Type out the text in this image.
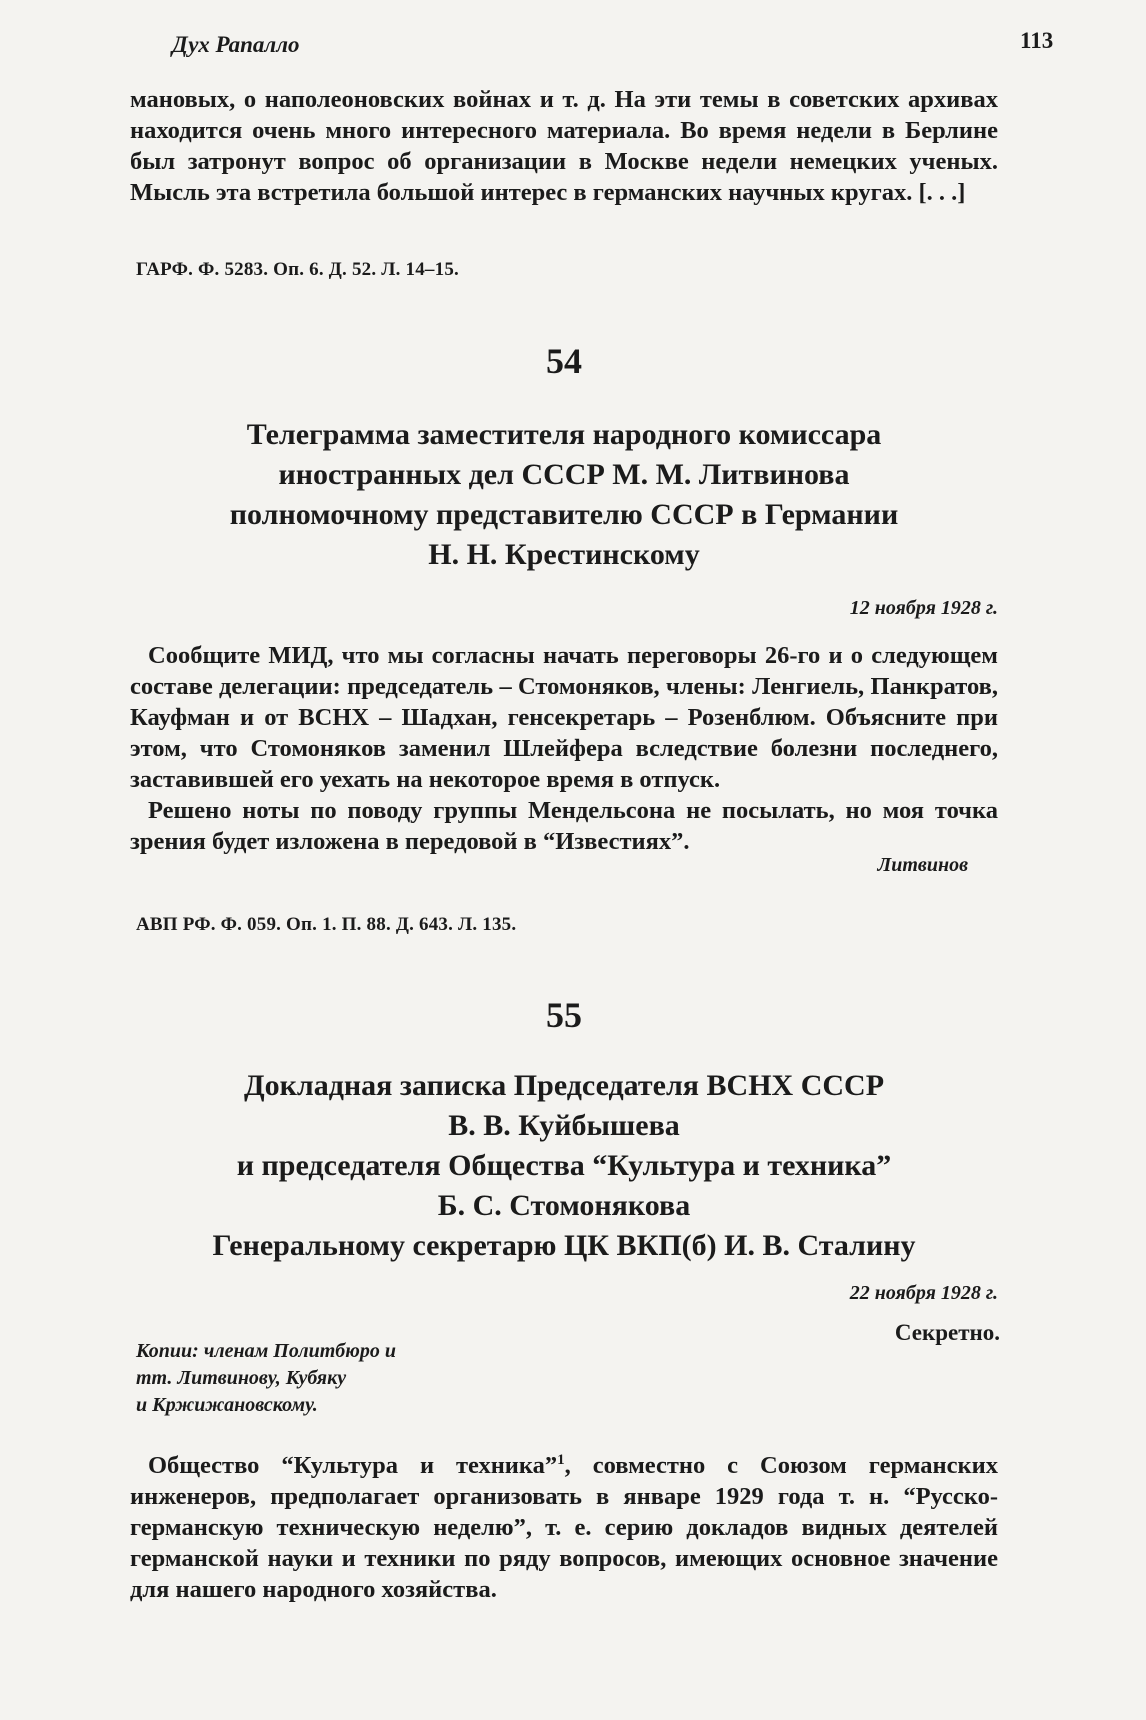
Дух Рапалло	113

мановых, о наполеоновских войнах и т. д. На эти темы в советских архивах находится очень много интересного материала. Во время недели в Берлине был затронут вопрос об организации в Москве недели немецких ученых. Мысль эта встретила большой интерес в германских научных кругах. [. . .]

ГАРФ. Ф. 5283. Оп. 6. Д. 52. Л. 14–15.
54
Телеграмма заместителя народного комиссара
иностранных дел СССР М. М. Литвинова
полномочному представителю СССР в Германии
Н. Н. Крестинскому
12 ноября 1928 г.

Сообщите МИД, что мы согласны начать переговоры 26-го и о следующем составе делегации: председатель – Стомоняков, члены: Ленгиель, Панкратов, Кауфман и от ВСНХ – Шадхан, генсекретарь – Розенблюм. Объясните при этом, что Стомоняков заменил Шлейфера вследствие болезни последнего, заставившей его уехать на некоторое время в отпуск.

Решено ноты по поводу группы Мендельсона не посылать, но моя точка зрения будет изложена в передовой в “Известиях”.

Литвинов
АВП РФ. Ф. 059. Оп. 1. П. 88. Д. 643. Л. 135.
55
Докладная записка Председателя ВСНХ СССР
В. В. Куйбышева
и председателя Общества “Культура и техника”
Б. С. Стомонякова
Генеральному секретарю ЦК ВКП(б) И. В. Сталину
22 ноября 1928 г.
Секретно.
Копии: членам Политбюро и
тт. Литвинову, Кубяку
и Кржижановскому.

Общество “Культура и техника”$^1$, совместно с Союзом германских инженеров, предполагает организовать в январе 1929 года т. н. “Русско-германскую техническую неделю”, т. е. серию докладов видных деятелей германской науки и техники по ряду вопросов, имеющих основное значение для нашего народного хозяйства.
